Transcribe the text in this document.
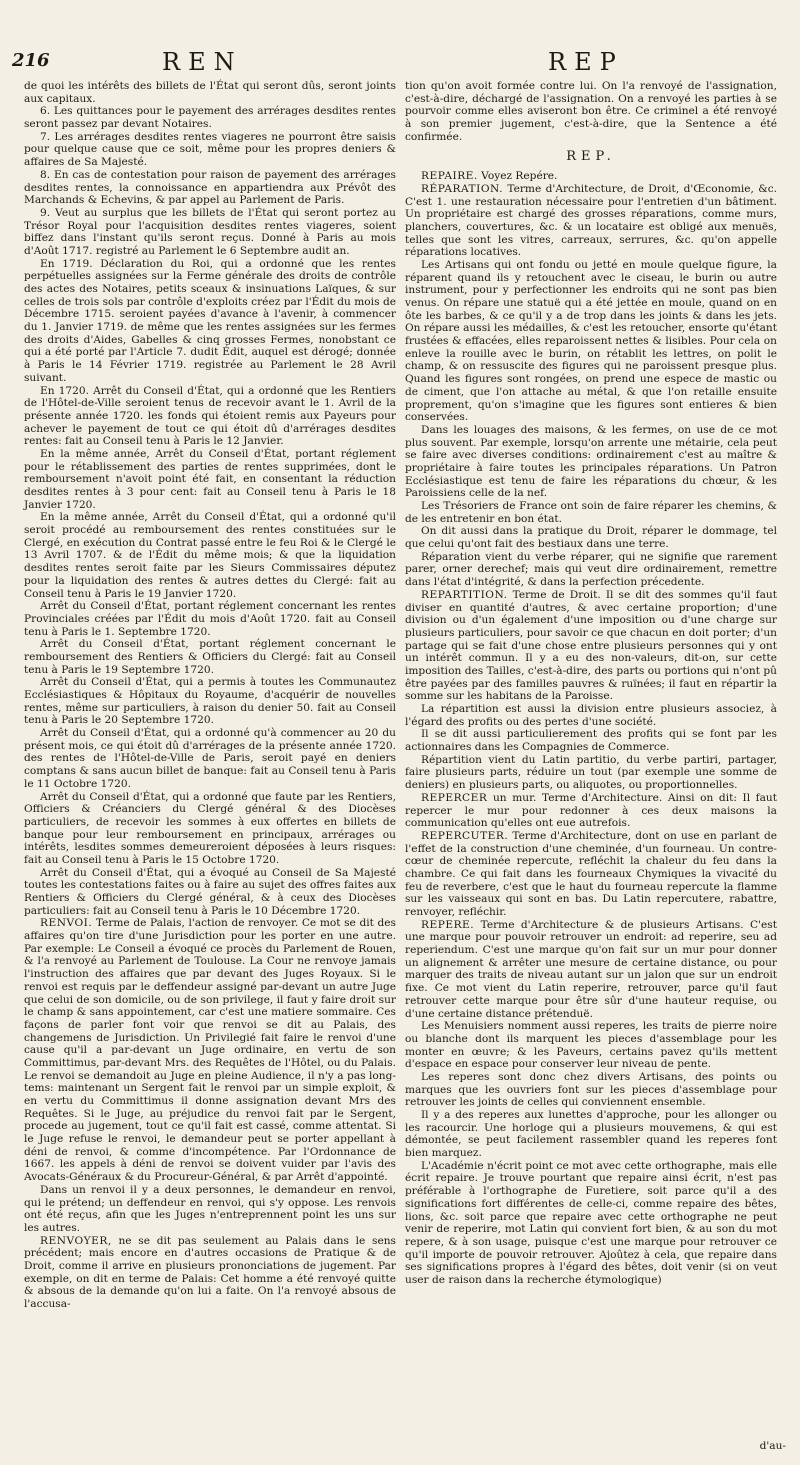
216	REN	REP

de quoi les intérêts des billets de l'État qui seront dûs, seront joints aux capitaux.

6. Les quittances pour le payement des arrérages desdites rentes seront passez par devant Notaires.

7. Les arrérages desdites rentes viageres ne pourront être saisis pour quelque cause que ce soit, même pour les propres deniers & affaires de Sa Majesté.

8. En cas de contestation pour raison de payement des arrérages desdites rentes, la connoissance en appartiendra aux Prévôt des Marchands & Echevins, & par appel au Parlement de Paris.

9. Veut au surplus que les billets de l'État qui seront portez au Trésor Royal pour l'acquisition desdites rentes viageres, soient biffez dans l'instant qu'ils seront reçus. Donné à Paris au mois d'Août 1717. registré au Parlement le 6 Septembre audit an.

En 1719. Déclaration du Roi, qui a ordonné que les rentes perpétuelles assignées sur la Ferme générale des droits de contrôle des actes des Notaires, petits sceaux & insinuations Laïques, & sur celles de trois sols par contrôle d'exploits créez par l'Édit du mois de Décembre 1715. seroient payées d'avance à l'avenir, à commencer du 1. Janvier 1719. de même que les rentes assignées sur les fermes des droits d'Aides, Gabelles & cinq grosses Fermes, nonobstant ce qui a été porté par l'Article 7. dudit Édit, auquel est dérogé; donnée à Paris le 14 Février 1719. registrée au Parlement le 28 Avril suivant.

En 1720. Arrêt du Conseil d'État, qui a ordonné que les Rentiers de l'Hôtel-de-Ville seroient tenus de recevoir avant le 1. Avril de la présente année 1720. les fonds qui étoient remis aux Payeurs pour achever le payement de tout ce qui étoit dû d'arrérages desdites rentes: fait au Conseil tenu à Paris le 12 Janvier.

En la même année, Arrêt du Conseil d'État, portant réglement pour le rétablissement des parties de rentes supprimées, dont le remboursement n'avoit point été fait, en consentant la réduction desdites rentes à 3 pour cent: fait au Conseil tenu à Paris le 18 Janvier 1720.

En la même année, Arrêt du Conseil d'État, qui a ordonné qu'il seroit procédé au remboursement des rentes constituées sur le Clergé, en exécution du Contrat passé entre le feu Roi & le Clergé le 13 Avril 1707. & de l'Édit du même mois; & que la liquidation desdites rentes seroit faite par les Sieurs Commissaires députez pour la liquidation des rentes & autres dettes du Clergé: fait au Conseil tenu à Paris le 19 Janvier 1720.

Arrêt du Conseil d'État, portant réglement concernant les rentes Provinciales créées par l'Édit du mois d'Août 1720. fait au Conseil tenu à Paris le 1. Septembre 1720.

Arrêt du Conseil d'État, portant réglement concernant le remboursement des Rentiers & Officiers du Clergé: fait au Conseil tenu à Paris le 19 Septembre 1720.

Arrêt du Conseil d'État, qui a permis à toutes les Communautez Ecclésiastiques & Hôpitaux du Royaume, d'acquérir de nouvelles rentes, même sur particuliers, à raison du denier 50. fait au Conseil tenu à Paris le 20 Septembre 1720.

Arrêt du Conseil d'État, qui a ordonné qu'à commencer au 20 du présent mois, ce qui étoit dû d'arrérages de la présente année 1720. des rentes de l'Hôtel-de-Ville de Paris, seroit payé en deniers comptans & sans aucun billet de banque: fait au Conseil tenu à Paris le 11 Octobre 1720.

Arrêt du Conseil d'État, qui a ordonné que faute par les Rentiers, Officiers & Créanciers du Clergé général & des Diocèses particuliers, de recevoir les sommes à eux offertes en billets de banque pour leur remboursement en principaux, arrérages ou intérêts, lesdites sommes demeureroient déposées à leurs risques: fait au Conseil tenu à Paris le 15 Octobre 1720.

Arrêt du Conseil d'État, qui a évoqué au Conseil de Sa Majesté toutes les contestations faites ou à faire au sujet des offres faites aux Rentiers & Officiers du Clergé général, & à ceux des Diocèses particuliers: fait au Conseil tenu à Paris le 10 Décembre 1720.

RENVOI. Terme de Palais, l'action de renvoyer. Ce mot se dit des affaires qu'on tire d'une Jurisdiction pour les porter en une autre. Par exemple: Le Conseil a évoqué ce procès du Parlement de Rouen, & l'a renvoyé au Parlement de Toulouse. La Cour ne renvoye jamais l'instruction des affaires que par devant des Juges Royaux. Si le renvoi est requis par le deffendeur assigné par-devant un autre Juge que celui de son domicile, ou de son privilege, il faut y faire droit sur le champ & sans appointement, car c'est une matiere sommaire. Ces façons de parler font voir que renvoi se dit au Palais, des changemens de Jurisdiction. Un Privilegié fait faire le renvoi d'une cause qu'il a par-devant un Juge ordinaire, en vertu de son Committimus, par-devant Mrs. des Requêtes de l'Hôtel, ou du Palais. Le renvoi se demandoit au Juge en pleine Audience, il n'y a pas long-tems: maintenant un Sergent fait le renvoi par un simple exploit, & en vertu du Committimus il donne assignation devant Mrs des Requêtes. Si le Juge, au préjudice du renvoi fait par le Sergent, procede au jugement, tout ce qu'il fait est cassé, comme attentat. Si le Juge refuse le renvoi, le demandeur peut se porter appellant à déni de renvoi, & comme d'incompétence. Par l'Ordonnance de 1667. les appels à déni de renvoi se doivent vuider par l'avis des Avocats-Généraux & du Procureur-Général, & par Arrêt d'appointé.

Dans un renvoi il y a deux personnes, le demandeur en renvoi, qui le prétend; un deffendeur en renvoi, qui s'y oppose. Les renvois ont été reçus, afin que les Juges n'entreprennent point les uns sur les autres.

RENVOYER, ne se dit pas seulement au Palais dans le sens précédent; mais encore en d'autres occasions de Pratique & de Droit, comme il arrive en plusieurs prononciations de jugement. Par exemple, on dit en terme de Palais: Cet homme a été renvoyé quitte & absous de la demande qu'on lui a faite. On l'a renvoyé absous de l'accusa-

tion qu'on avoit formée contre lui. On l'a renvoyé de l'assignation, c'est-à-dire, déchargé de l'assignation. On a renvoyé les parties à se pourvoir comme elles aviseront bon être. Ce criminel a été renvoyé à son premier jugement, c'est-à-dire, que la Sentence a été confirmée.

REP.

REPAIRE. Voyez Repére.

RÉPARATION. Terme d'Architecture, de Droit, d'Œconomie, &c. C'est 1. une restauration nécessaire pour l'entretien d'un bâtiment. Un propriétaire est chargé des grosses réparations, comme murs, planchers, couvertures, &c. & un locataire est obligé aux menuës, telles que sont les vitres, carreaux, serrures, &c. qu'on appelle réparations locatives.

Les Artisans qui ont fondu ou jetté en moule quelque figure, la réparent quand ils y retouchent avec le ciseau, le burin ou autre instrument, pour y perfectionner les endroits qui ne sont pas bien venus. On répare une statuë qui a été jettée en moule, quand on en ôte les barbes, & ce qu'il y a de trop dans les joints & dans les jets. On répare aussi les médailles, & c'est les retoucher, ensorte qu'étant frustées & effacées, elles reparoissent nettes & lisibles. Pour cela on enleve la rouille avec le burin, on rétablit les lettres, on polit le champ, & on ressuscite des figures qui ne paroissent presque plus. Quand les figures sont rongées, on prend une espece de mastic ou de ciment, que l'on attache au métal, & que l'on retaille ensuite proprement, qu'on s'imagine que les figures sont entieres & bien conservées.

Dans les louages des maisons, & les fermes, on use de ce mot plus souvent. Par exemple, lorsqu'on arrente une métairie, cela peut se faire avec diverses conditions: ordinairement c'est au maître & propriétaire à faire toutes les principales réparations. Un Patron Ecclésiastique est tenu de faire les réparations du chœur, & les Paroissiens celle de la nef.

Les Trésoriers de France ont soin de faire réparer les chemins, & de les entretenir en bon état.

On dit aussi dans la pratique du Droit, réparer le dommage, tel que celui qu'ont fait des bestiaux dans une terre.

Réparation vient du verbe réparer, qui ne signifie que rarement parer, orner derechef; mais qui veut dire ordinairement, remettre dans l'état d'intégrité, & dans la perfection précedente.

REPARTITION. Terme de Droit. Il se dit des sommes qu'il faut diviser en quantité d'autres, & avec certaine proportion; d'une division ou d'un également d'une imposition ou d'une charge sur plusieurs particuliers, pour savoir ce que chacun en doit porter; d'un partage qui se fait d'une chose entre plusieurs personnes qui y ont un intérêt commun. Il y a eu des non-valeurs, dit-on, sur cette imposition des Tailles, c'est-à-dire, des parts ou portions qui n'ont pû être payées par des familles pauvres & ruïnées; il faut en répartir la somme sur les habitans de la Paroisse.

La répartition est aussi la division entre plusieurs associez, à l'égard des profits ou des pertes d'une société.

Il se dit aussi particulierement des profits qui se font par les actionnaires dans les Compagnies de Commerce.

Répartition vient du Latin partitio, du verbe partiri, partager, faire plusieurs parts, réduire un tout (par exemple une somme de deniers) en plusieurs parts, ou aliquotes, ou proportionnelles.

REPERCER un mur. Terme d'Architecture. Ainsi on dit: Il faut repercer le mur pour redonner à ces deux maisons la communication qu'elles ont eue autrefois.

REPERCUTER. Terme d'Architecture, dont on use en parlant de l'effet de la construction d'une cheminée, d'un fourneau. Un contre-cœur de cheminée repercute, refléchit la chaleur du feu dans la chambre. Ce qui fait dans les fourneaux Chymiques la vivacité du feu de reverbere, c'est que le haut du fourneau repercute la flamme sur les vaisseaux qui sont en bas. Du Latin repercutere, rabattre, renvoyer, refléchir.

REPERE. Terme d'Architecture & de plusieurs Artisans. C'est une marque pour pouvoir retrouver un endroit: ad reperire, seu ad reperiendum. C'est une marque qu'on fait sur un mur pour donner un alignement & arrêter une mesure de certaine distance, ou pour marquer des traits de niveau autant sur un jalon que sur un endroit fixe. Ce mot vient du Latin reperire, retrouver, parce qu'il faut retrouver cette marque pour être sûr d'une hauteur requise, ou d'une certaine distance prétenduë.

Les Menuisiers nomment aussi reperes, les traits de pierre noire ou blanche dont ils marquent les pieces d'assemblage pour les monter en œuvre; & les Paveurs, certains pavez qu'ils mettent d'espace en espace pour conserver leur niveau de pente.

Les reperes sont donc chez divers Artisans, des points ou marques que les ouvriers font sur les pieces d'assemblage pour retrouver les joints de celles qui conviennent ensemble.

Il y a des reperes aux lunettes d'approche, pour les allonger ou les racourcir. Une horloge qui a plusieurs mouvemens, & qui est démontée, se peut facilement rassembler quand les reperes font bien marquez.

L'Académie n'écrit point ce mot avec cette orthographe, mais elle écrit repaire. Je trouve pourtant que repaire ainsi écrit, n'est pas préférable à l'orthographe de Furetiere, soit parce qu'il a des significations fort différentes de celle-ci, comme repaire des bêtes, lions, &c. soit parce que repaire avec cette orthographe ne peut venir de reperire, mot Latin qui convient fort bien, & au son du mot repere, & à son usage, puisque c'est une marque pour retrouver ce qu'il importe de pouvoir retrouver. Ajoûtez à cela, que repaire dans ses significations propres à l'égard des bêtes, doit venir (si on veut user de raison dans la recherche étymologique)

d'au-
